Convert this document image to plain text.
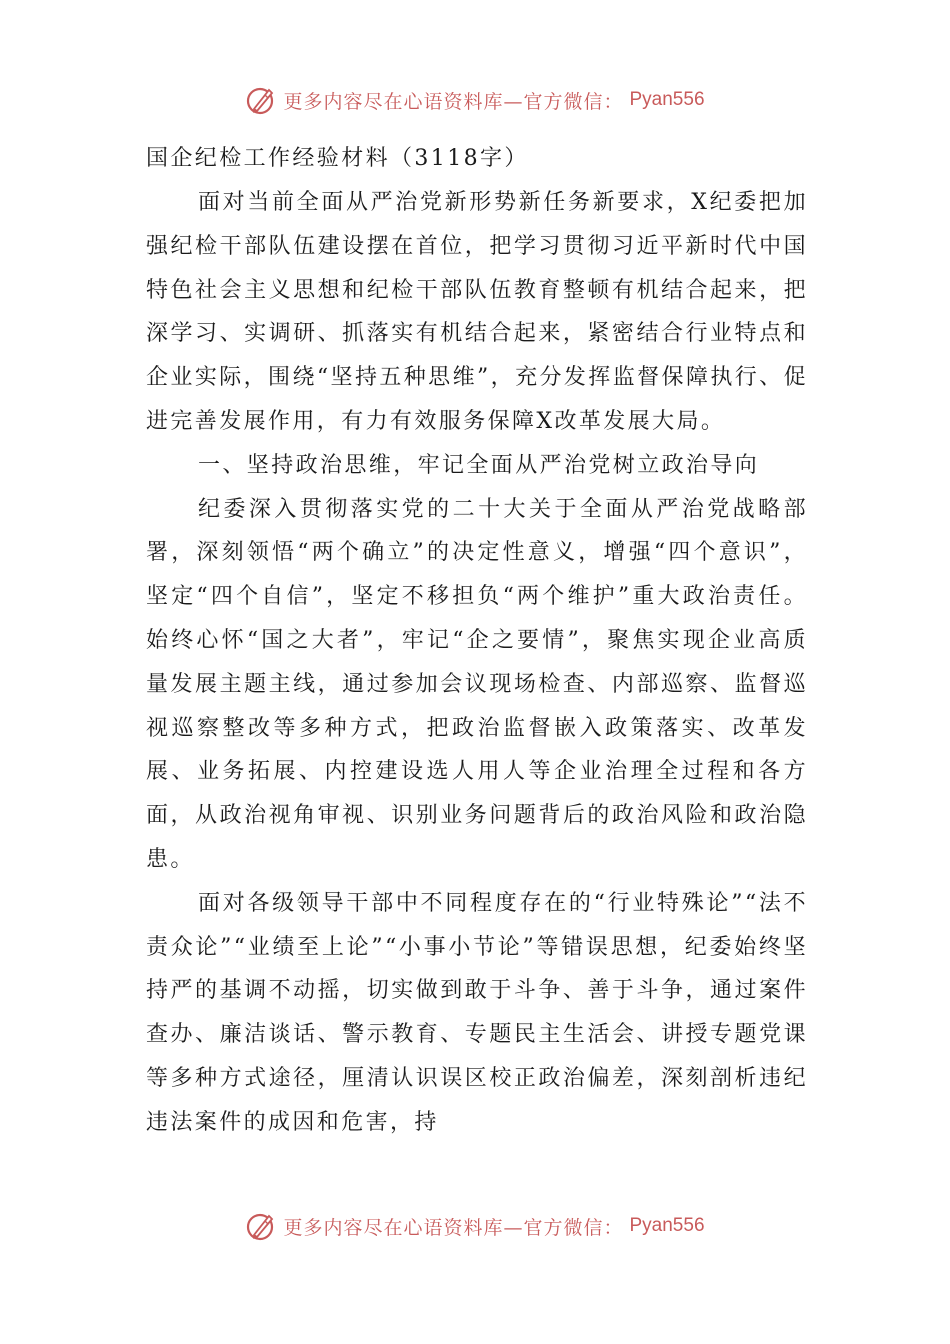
更多内容尽在心语资料库—官方微信： Pyan556
国企纪检工作经验材料（3118字）

面对当前全面从严治党新形势新任务新要求，X纪委把加强纪检干部队伍建设摆在首位，把学习贯彻习近平新时代中国特色社会主义思想和纪检干部队伍教育整顿有机结合起来，把深学习、实调研、抓落实有机结合起来，紧密结合行业特点和企业实际，围绕“坚持五种思维”，充分发挥监督保障执行、促进完善发展作用，有力有效服务保障X改革发展大局。

一、坚持政治思维，牢记全面从严治党树立政治导向

纪委深入贯彻落实党的二十大关于全面从严治党战略部署，深刻领悟“两个确立”的决定性意义，增强“四个意识”，坚定“四个自信”，坚定不移担负“两个维护”重大政治责任。始终心怀“国之大者”，牢记“企之要情”，聚焦实现企业高质量发展主题主线，通过参加会议现场检查、内部巡察、监督巡视巡察整改等多种方式，把政治监督嵌入政策落实、改革发展、业务拓展、内控建设选人用人等企业治理全过程和各方面，从政治视角审视、识别业务问题背后的政治风险和政治隐患。

面对各级领导干部中不同程度存在的“行业特殊论”“法不责众论”“业绩至上论”“小事小节论”等错误思想，纪委始终坚持严的基调不动摇，切实做到敢于斗争、善于斗争，通过案件查办、廉洁谈话、警示教育、专题民主生活会、讲授专题党课等多种方式途径，厘清认识误区校正政治偏差，深刻剖析违纪违法案件的成因和危害，持

更多内容尽在心语资料库—官方微信： Pyan556
